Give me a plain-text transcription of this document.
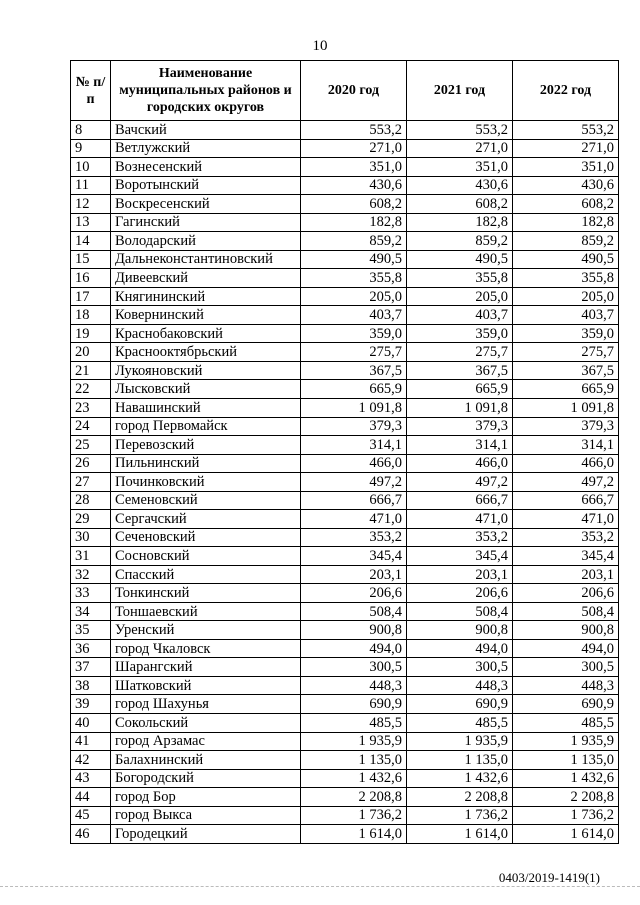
10
№ п/п	Наименование муниципальных районов и городских округов	2020 год	2021 год	2022 год
8	Вачский	553,2	553,2	553,2
9	Ветлужский	271,0	271,0	271,0
10	Вознесенский	351,0	351,0	351,0
11	Воротынский	430,6	430,6	430,6
12	Воскресенский	608,2	608,2	608,2
13	Гагинский	182,8	182,8	182,8
14	Володарский	859,2	859,2	859,2
15	Дальнеконстантиновский	490,5	490,5	490,5
16	Дивеевский	355,8	355,8	355,8
17	Княгининский	205,0	205,0	205,0
18	Ковернинский	403,7	403,7	403,7
19	Краснобаковский	359,0	359,0	359,0
20	Краснооктябрьский	275,7	275,7	275,7
21	Лукояновский	367,5	367,5	367,5
22	Лысковский	665,9	665,9	665,9
23	Навашинский	1 091,8	1 091,8	1 091,8
24	город Первомайск	379,3	379,3	379,3
25	Перевозский	314,1	314,1	314,1
26	Пильнинский	466,0	466,0	466,0
27	Починковский	497,2	497,2	497,2
28	Семеновский	666,7	666,7	666,7
29	Сергачский	471,0	471,0	471,0
30	Сеченовский	353,2	353,2	353,2
31	Сосновский	345,4	345,4	345,4
32	Спасский	203,1	203,1	203,1
33	Тонкинский	206,6	206,6	206,6
34	Тоншаевский	508,4	508,4	508,4
35	Уренский	900,8	900,8	900,8
36	город Чкаловск	494,0	494,0	494,0
37	Шарангский	300,5	300,5	300,5
38	Шатковский	448,3	448,3	448,3
39	город Шахунья	690,9	690,9	690,9
40	Сокольский	485,5	485,5	485,5
41	город Арзамас	1 935,9	1 935,9	1 935,9
42	Балахнинский	1 135,0	1 135,0	1 135,0
43	Богородский	1 432,6	1 432,6	1 432,6
44	город Бор	2 208,8	2 208,8	2 208,8
45	город Выкса	1 736,2	1 736,2	1 736,2
46	Городецкий	1 614,0	1 614,0	1 614,0
0403/2019-1419(1)
